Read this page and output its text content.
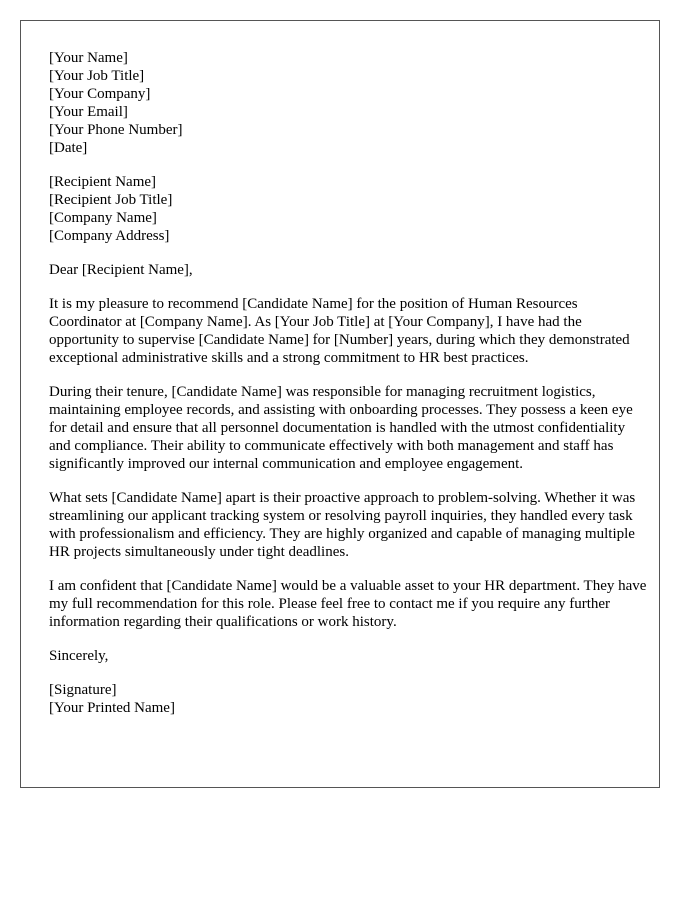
[Your Name]
[Your Job Title]
[Your Company]
[Your Email]
[Your Phone Number]
[Date]
[Recipient Name]
[Recipient Job Title]
[Company Name]
[Company Address]

Dear [Recipient Name],

It is my pleasure to recommend [Candidate Name] for the position of Human Resources Coordinator at [Company Name]. As [Your Job Title] at [Your Company], I have had the opportunity to supervise [Candidate Name] for [Number] years, during which they demonstrated exceptional administrative skills and a strong commitment to HR best practices.

During their tenure, [Candidate Name] was responsible for managing recruitment logistics, maintaining employee records, and assisting with onboarding processes. They possess a keen eye for detail and ensure that all personnel documentation is handled with the utmost confidentiality and compliance. Their ability to communicate effectively with both management and staff has significantly improved our internal communication and employee engagement.

What sets [Candidate Name] apart is their proactive approach to problem-solving. Whether it was streamlining our applicant tracking system or resolving payroll inquiries, they handled every task with professionalism and efficiency. They are highly organized and capable of managing multiple HR projects simultaneously under tight deadlines.

I am confident that [Candidate Name] would be a valuable asset to your HR department. They have my full recommendation for this role. Please feel free to contact me if you require any further information regarding their qualifications or work history.

Sincerely,

[Signature]
[Your Printed Name]
